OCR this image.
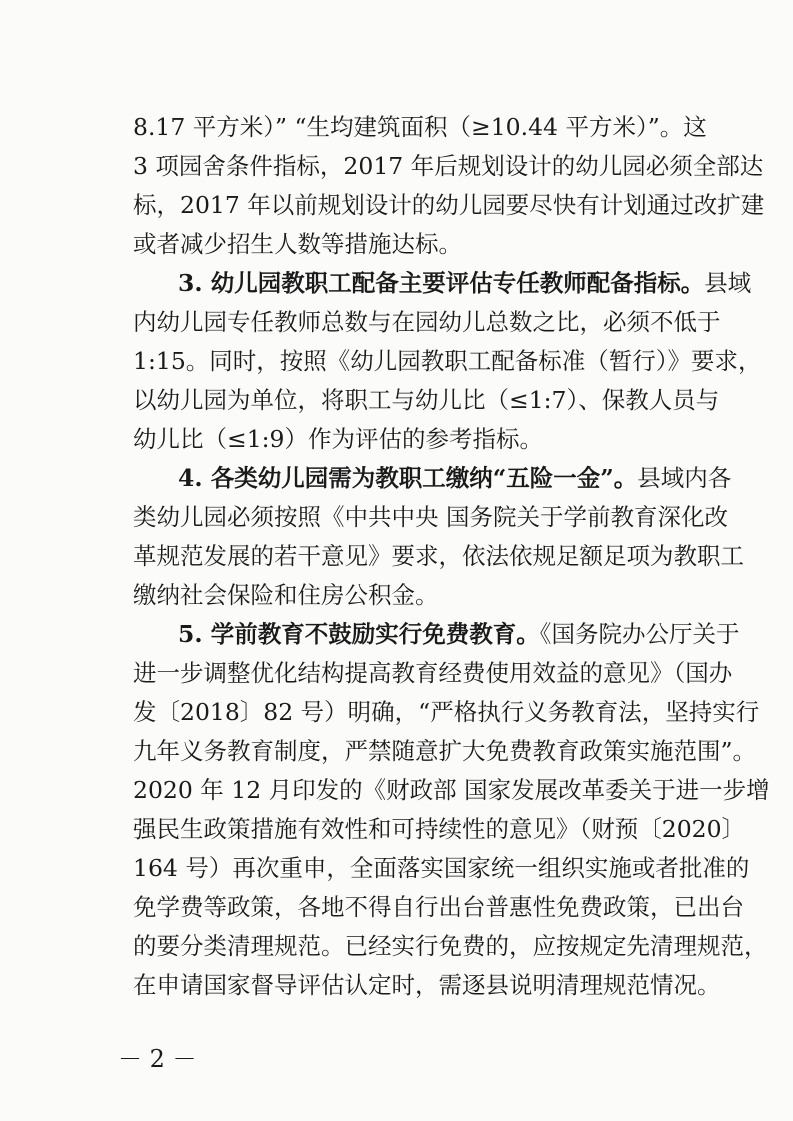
8.17 平方米）” “生均建筑面积（≥10.44 平方米）”。这
3 项园舍条件指标，2017 年后规划设计的幼儿园必须全部达
标，2017 年以前规划设计的幼儿园要尽快有计划通过改扩建
或者减少招生人数等措施达标。
3. 幼儿园教职工配备主要评估专任教师配备指标。县域
内幼儿园专任教师总数与在园幼儿总数之比，必须不低于
1:15。同时，按照《幼儿园教职工配备标准（暂行）》要求，
以幼儿园为单位，将职工与幼儿比（≤1:7）、保教人员与
幼儿比（≤1:9）作为评估的参考指标。
4. 各类幼儿园需为教职工缴纳“五险一金”。县域内各
类幼儿园必须按照《中共中央 国务院关于学前教育深化改
革规范发展的若干意见》要求，依法依规足额足项为教职工
缴纳社会保险和住房公积金。
5. 学前教育不鼓励实行免费教育。《国务院办公厅关于
进一步调整优化结构提高教育经费使用效益的意见》（国办
发〔2018〕82 号）明确，“严格执行义务教育法，坚持实行
九年义务教育制度，严禁随意扩大免费教育政策实施范围”。
2020 年 12 月印发的《财政部 国家发展改革委关于进一步增
强民生政策措施有效性和可持续性的意见》（财预〔2020〕
164 号）再次重申，全面落实国家统一组织实施或者批准的
免学费等政策，各地不得自行出台普惠性免费政策，已出台
的要分类清理规范。已经实行免费的，应按规定先清理规范，
在申请国家督导评估认定时，需逐县说明清理规范情况。
－ 2 －
